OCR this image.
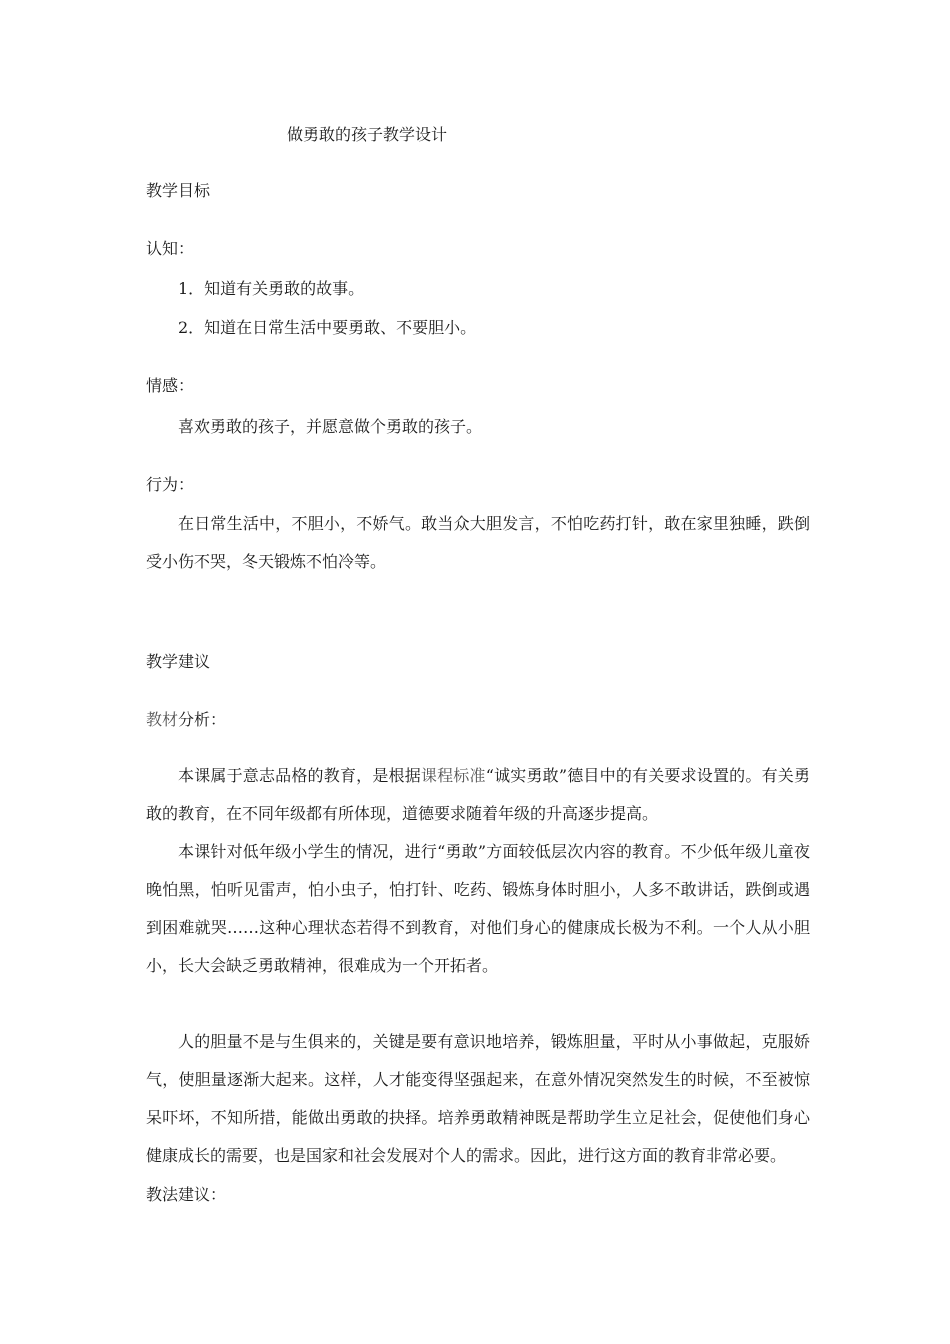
做勇敢的孩子教学设计
教学目标
认知：
1．知道有关勇敢的故事。
2．知道在日常生活中要勇敢、不要胆小。
情感：
喜欢勇敢的孩子，并愿意做个勇敢的孩子。
行为：
在日常生活中，不胆小，不娇气。敢当众大胆发言，不怕吃药打针，敢在家里独睡，跌倒受小伤不哭，冬天锻炼不怕冷等。
教学建议
教材分析：
本课属于意志品格的教育，是根据课程标准“诚实勇敢”德目中的有关要求设置的。有关勇敢的教育，在不同年级都有所体现，道德要求随着年级的升高逐步提高。
本课针对低年级小学生的情况，进行“勇敢”方面较低层次内容的教育。不少低年级儿童夜晚怕黑，怕听见雷声，怕小虫子，怕打针、吃药、锻炼身体时胆小，人多不敢讲话，跌倒或遇到困难就哭……这种心理状态若得不到教育，对他们身心的健康成长极为不利。一个人从小胆小，长大会缺乏勇敢精神，很难成为一个开拓者。
人的胆量不是与生俱来的，关键是要有意识地培养，锻炼胆量，平时从小事做起，克服娇气，使胆量逐渐大起来。这样，人才能变得坚强起来，在意外情况突然发生的时候，不至被惊呆吓坏，不知所措，能做出勇敢的抉择。培养勇敢精神既是帮助学生立足社会，促使他们身心健康成长的需要，也是国家和社会发展对个人的需求。因此，进行这方面的教育非常必要。
教法建议：
